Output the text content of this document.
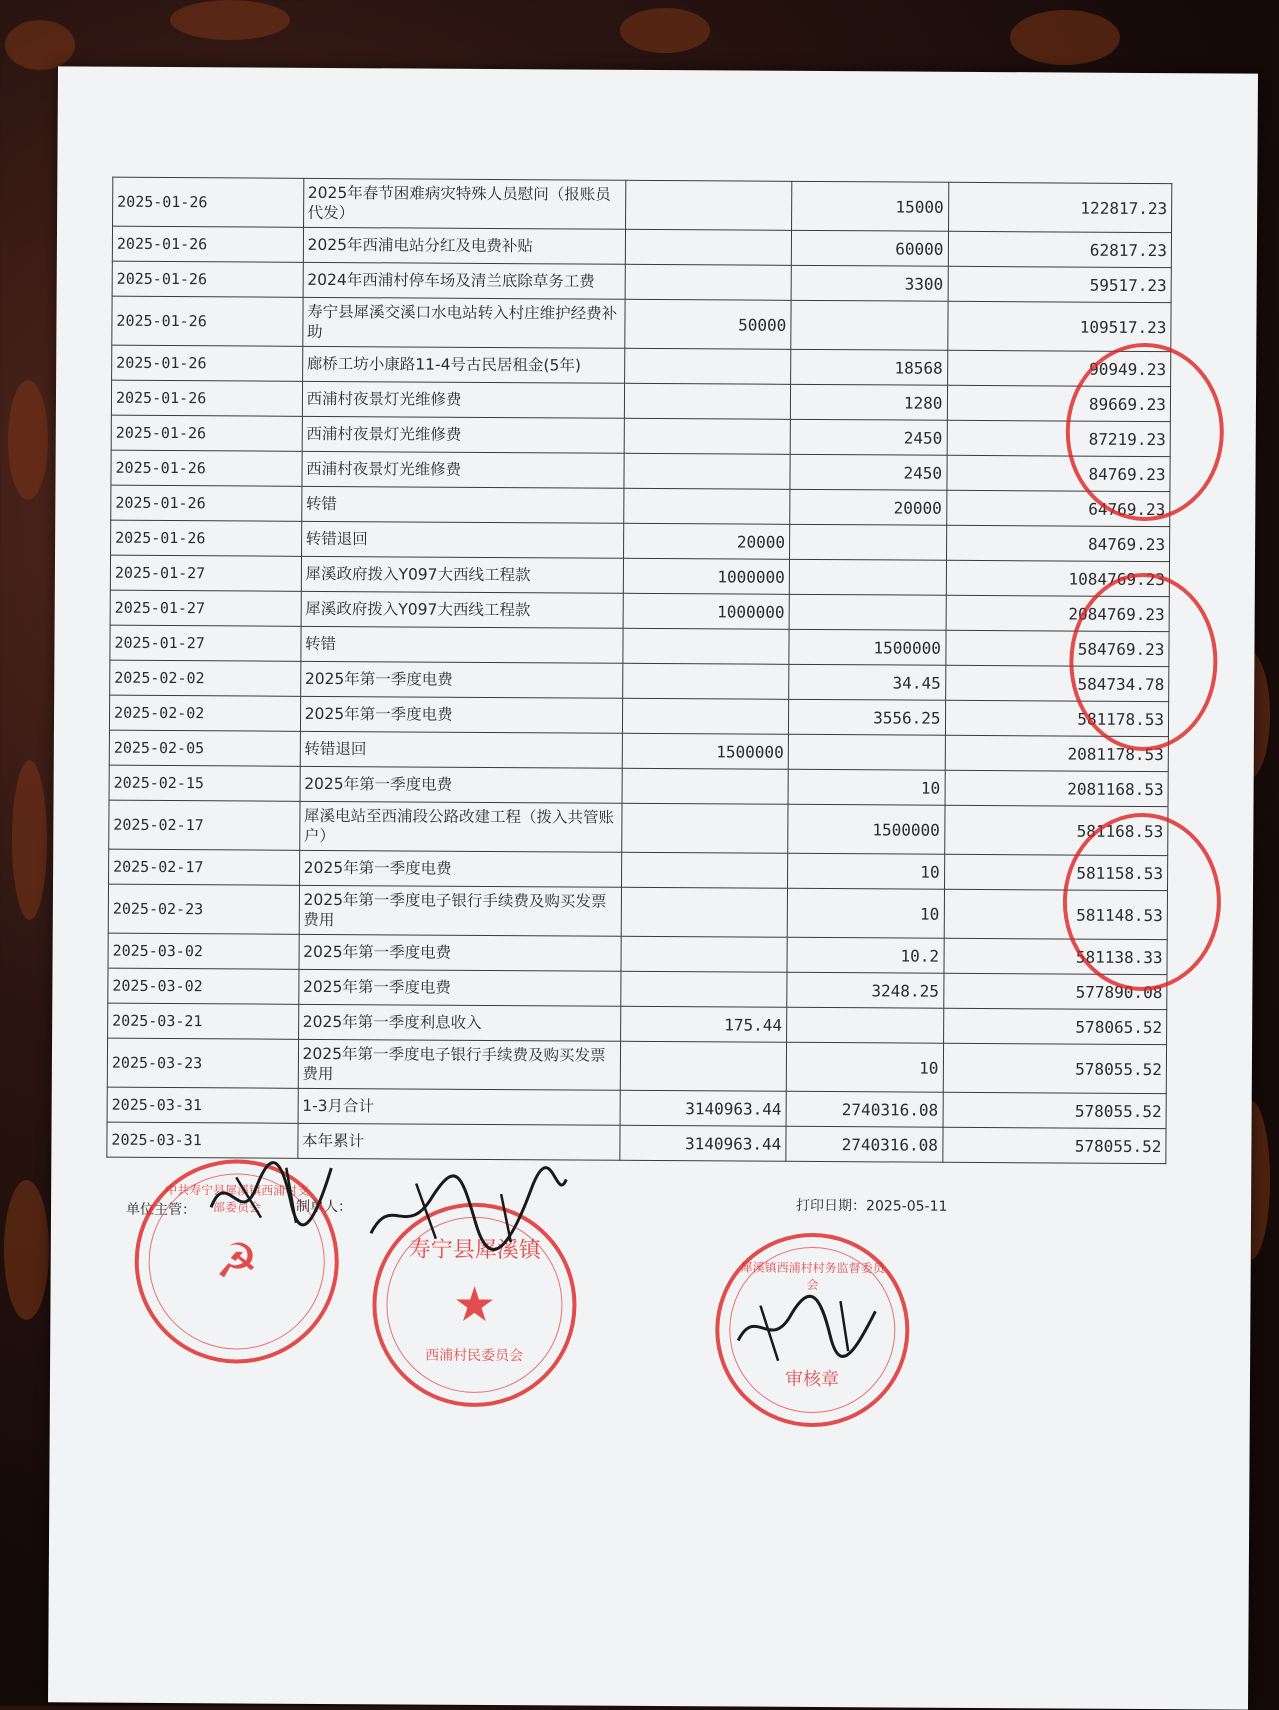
2025-01-26	2025年春节困难病灾特殊人员慰问（报账员代发）		15000	122817.23
2025-01-26	2025年西浦电站分红及电费补贴		60000	62817.23
2025-01-26	2024年西浦村停车场及清兰底除草务工费		3300	59517.23
2025-01-26	寿宁县犀溪交溪口水电站转入村庄维护经费补助	50000		109517.23
2025-01-26	廊桥工坊小康路11-4号古民居租金(5年)		18568	90949.23
2025-01-26	西浦村夜景灯光维修费		1280	89669.23
2025-01-26	西浦村夜景灯光维修费		2450	87219.23
2025-01-26	西浦村夜景灯光维修费		2450	84769.23
2025-01-26	转错		20000	64769.23
2025-01-26	转错退回	20000		84769.23
2025-01-27	犀溪政府拨入Y097大西线工程款	1000000		1084769.23
2025-01-27	犀溪政府拨入Y097大西线工程款	1000000		2084769.23
2025-01-27	转错		1500000	584769.23
2025-02-02	2025年第一季度电费		34.45	584734.78
2025-02-02	2025年第一季度电费		3556.25	581178.53
2025-02-05	转错退回	1500000		2081178.53
2025-02-15	2025年第一季度电费		10	2081168.53
2025-02-17	犀溪电站至西浦段公路改建工程（拨入共管账户）		1500000	581168.53
2025-02-17	2025年第一季度电费		10	581158.53
2025-02-23	2025年第一季度电子银行手续费及购买发票费用		10	581148.53
2025-03-02	2025年第一季度电费		10.2	581138.33
2025-03-02	2025年第一季度电费		3248.25	577890.08
2025-03-21	2025年第一季度利息收入	175.44		578065.52
2025-03-23	2025年第一季度电子银行手续费及购买发票费用		10	578055.52
2025-03-31	1-3月合计	3140963.44	2740316.08	578055.52
2025-03-31	本年累计	3140963.44	2740316.08	578055.52
单位主管：	制单人：	打印日期：2025-05-11
☭
中共寿宁县犀溪镇西浦村支部委员会
★
寿宁县犀溪镇
西浦村民委员会
犀溪镇西浦村村务监督委员会
审核章
